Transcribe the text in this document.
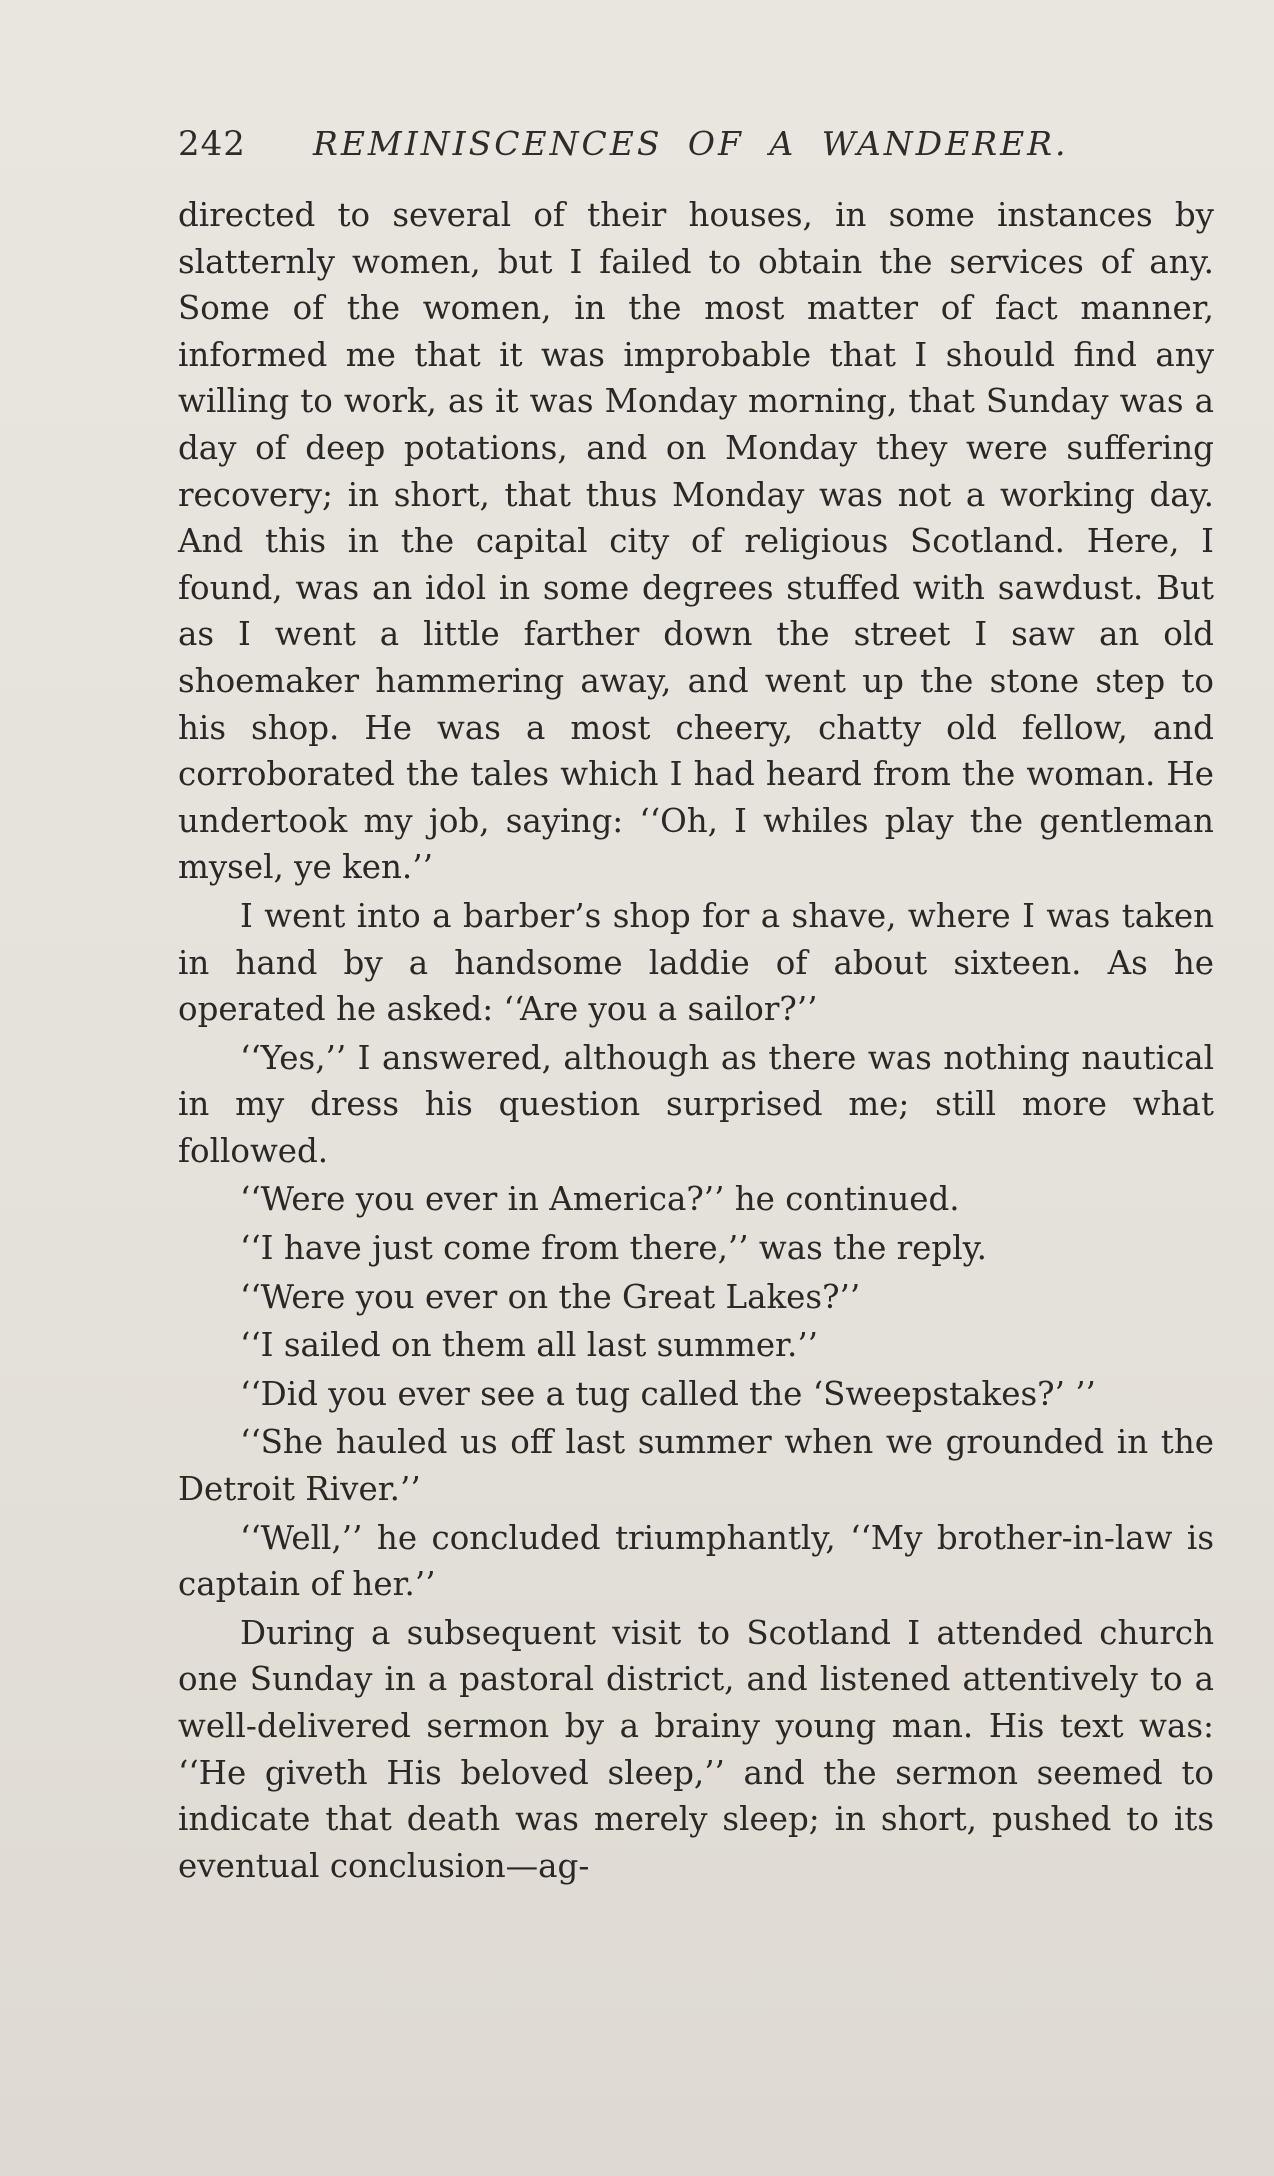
242 REMINISCENCES OF A WANDERER.

directed to several of their houses, in some instances by slatternly women, but I failed to obtain the services of any. Some of the women, in the most matter of fact manner, informed me that it was improbable that I should find any willing to work, as it was Monday morning, that Sunday was a day of deep potations, and on Monday they were suffering recovery; in short, that thus Monday was not a working day. And this in the capital city of religious Scotland. Here, I found, was an idol in some degrees stuffed with sawdust. But as I went a little farther down the street I saw an old shoemaker hammering away, and went up the stone step to his shop. He was a most cheery, chatty old fellow, and corroborated the tales which I had heard from the woman. He undertook my job, saying: ‘‘Oh, I whiles play the gentleman mysel, ye ken.’’

I went into a barber’s shop for a shave, where I was taken in hand by a handsome laddie of about sixteen. As he operated he asked: ‘‘Are you a sailor?’’

‘‘Yes,’’ I answered, although as there was nothing nautical in my dress his question surprised me; still more what followed.

‘‘Were you ever in America?’’ he continued.

‘‘I have just come from there,’’ was the reply.

‘‘Were you ever on the Great Lakes?’’

‘‘I sailed on them all last summer.’’

‘‘Did you ever see a tug called the ‘Sweepstakes?’ ’’

‘‘She hauled us off last summer when we grounded in the Detroit River.’’

‘‘Well,’’ he concluded triumphantly, ‘‘My brother-in-law is captain of her.’’

During a subsequent visit to Scotland I attended church one Sunday in a pastoral district, and listened attentively to a well-delivered sermon by a brainy young man. His text was: ‘‘He giveth His beloved sleep,’’ and the sermon seemed to indicate that death was merely sleep; in short, pushed to its eventual conclusion—ag-
